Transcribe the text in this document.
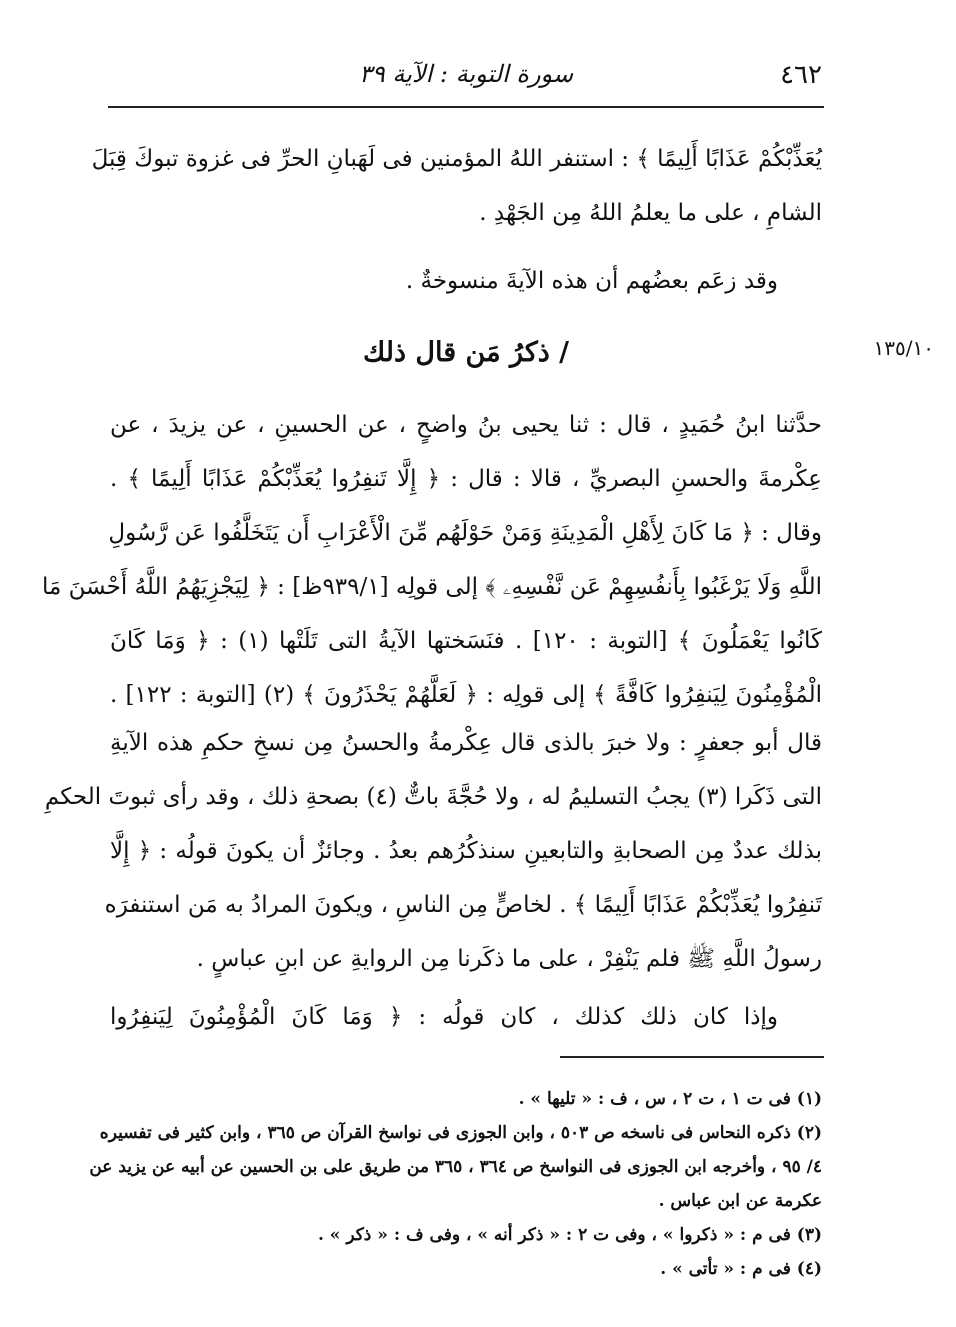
٤٦٢
سورة التوبة : الآية ٣٩
١٣٥/١٠
يُعَذِّبْكُمْ عَذَابًا أَلِيمًا ﴾ : استنفر اللهُ المؤمنين فى لَهَبانِ الحرِّ فى غزوة تبوكَ قِبَلَ
الشامِ ، على ما يعلمُ اللهُ مِن الجَهْدِ .
وقد زعَم بعضُهم أن هذه الآيةَ منسوخةٌ .
/ ذكرُ مَن قال ذلك
حدَّثنا ابنُ حُمَيدٍ ، قال : ثنا يحيى بنُ واضحٍ ، عن الحسينِ ، عن يزيدَ ، عن
عِكْرمةَ والحسنِ البصريِّ ، قالا : قال : ﴿ إِلَّا تَنفِرُوا يُعَذِّبْكُمْ عَذَابًا أَلِيمًا ﴾ .
وقال : ﴿ مَا كَانَ لِأَهْلِ الْمَدِينَةِ وَمَنْ حَوْلَهُم مِّنَ الْأَعْرَابِ أَن يَتَخَلَّفُوا عَن رَّسُولِ
اللَّهِ وَلَا يَرْغَبُوا بِأَنفُسِهِمْ عَن نَّفْسِهِۦ ﴾ إلى قولِه [٩٣٩/١ظ] : ﴿ لِيَجْزِيَهُمُ اللَّهُ أَحْسَنَ مَا
كَانُوا يَعْمَلُونَ ﴾ [التوبة : ١٢٠] . فنَسَختها الآيةُ التى تَلَتْها (١) : ﴿ وَمَا كَانَ
الْمُؤْمِنُونَ لِيَنفِرُوا كَافَّةً ﴾ إلى قولِه : ﴿ لَعَلَّهُمْ يَحْذَرُونَ ﴾ (٢) [التوبة : ١٢٢] .
قال أبو جعفرٍ : ولا خبرَ بالذى قال عِكْرمةُ والحسنُ مِن نسخِ حكمِ هذه الآيةِ
التى ذَكَرا (٣) يجبُ التسليمُ له ، ولا حُجَّةَ باتٌّ (٤) بصحةِ ذلك ، وقد رأى ثبوتَ الحكمِ
بذلك عددٌ مِن الصحابةِ والتابعينِ سنذكُرُهم بعدُ . وجائزٌ أن يكونَ قولُه : ﴿ إِلَّا
تَنفِرُوا يُعَذِّبْكُمْ عَذَابًا أَلِيمًا ﴾ . لخاصٍّ مِن الناسِ ، ويكونَ المرادُ به مَن استنفرَه
رسولُ اللَّهِ ﷺ فلم يَنْفِرْ ، على ما ذكَرنا مِن الروايةِ عن ابنِ عباسٍ .
وإذا كان ذلك كذلك ، كان قولُه : ﴿ وَمَا كَانَ الْمُؤْمِنُونَ لِيَنفِرُوا
(١) فى ت ١ ، ت ٢ ، س ، ف : « تليها » .
(٢) ذكره النحاس فى ناسخه ص ٥٠٣ ، وابن الجوزى فى نواسخ القرآن ص ٣٦٥ ، وابن كثير فى تفسيره
٤/ ٩٥ ، وأخرجه ابن الجوزى فى النواسخ ص ٣٦٤ ، ٣٦٥ من طريق على بن الحسين عن أبيه عن يزيد عن
عكرمة عن ابن عباس .
(٣) فى م : « ذكروا » ، وفى ت ٢ : « ذكر أنه » ، وفى ف : « ذكر » .
(٤) فى م : « تأتى » .
